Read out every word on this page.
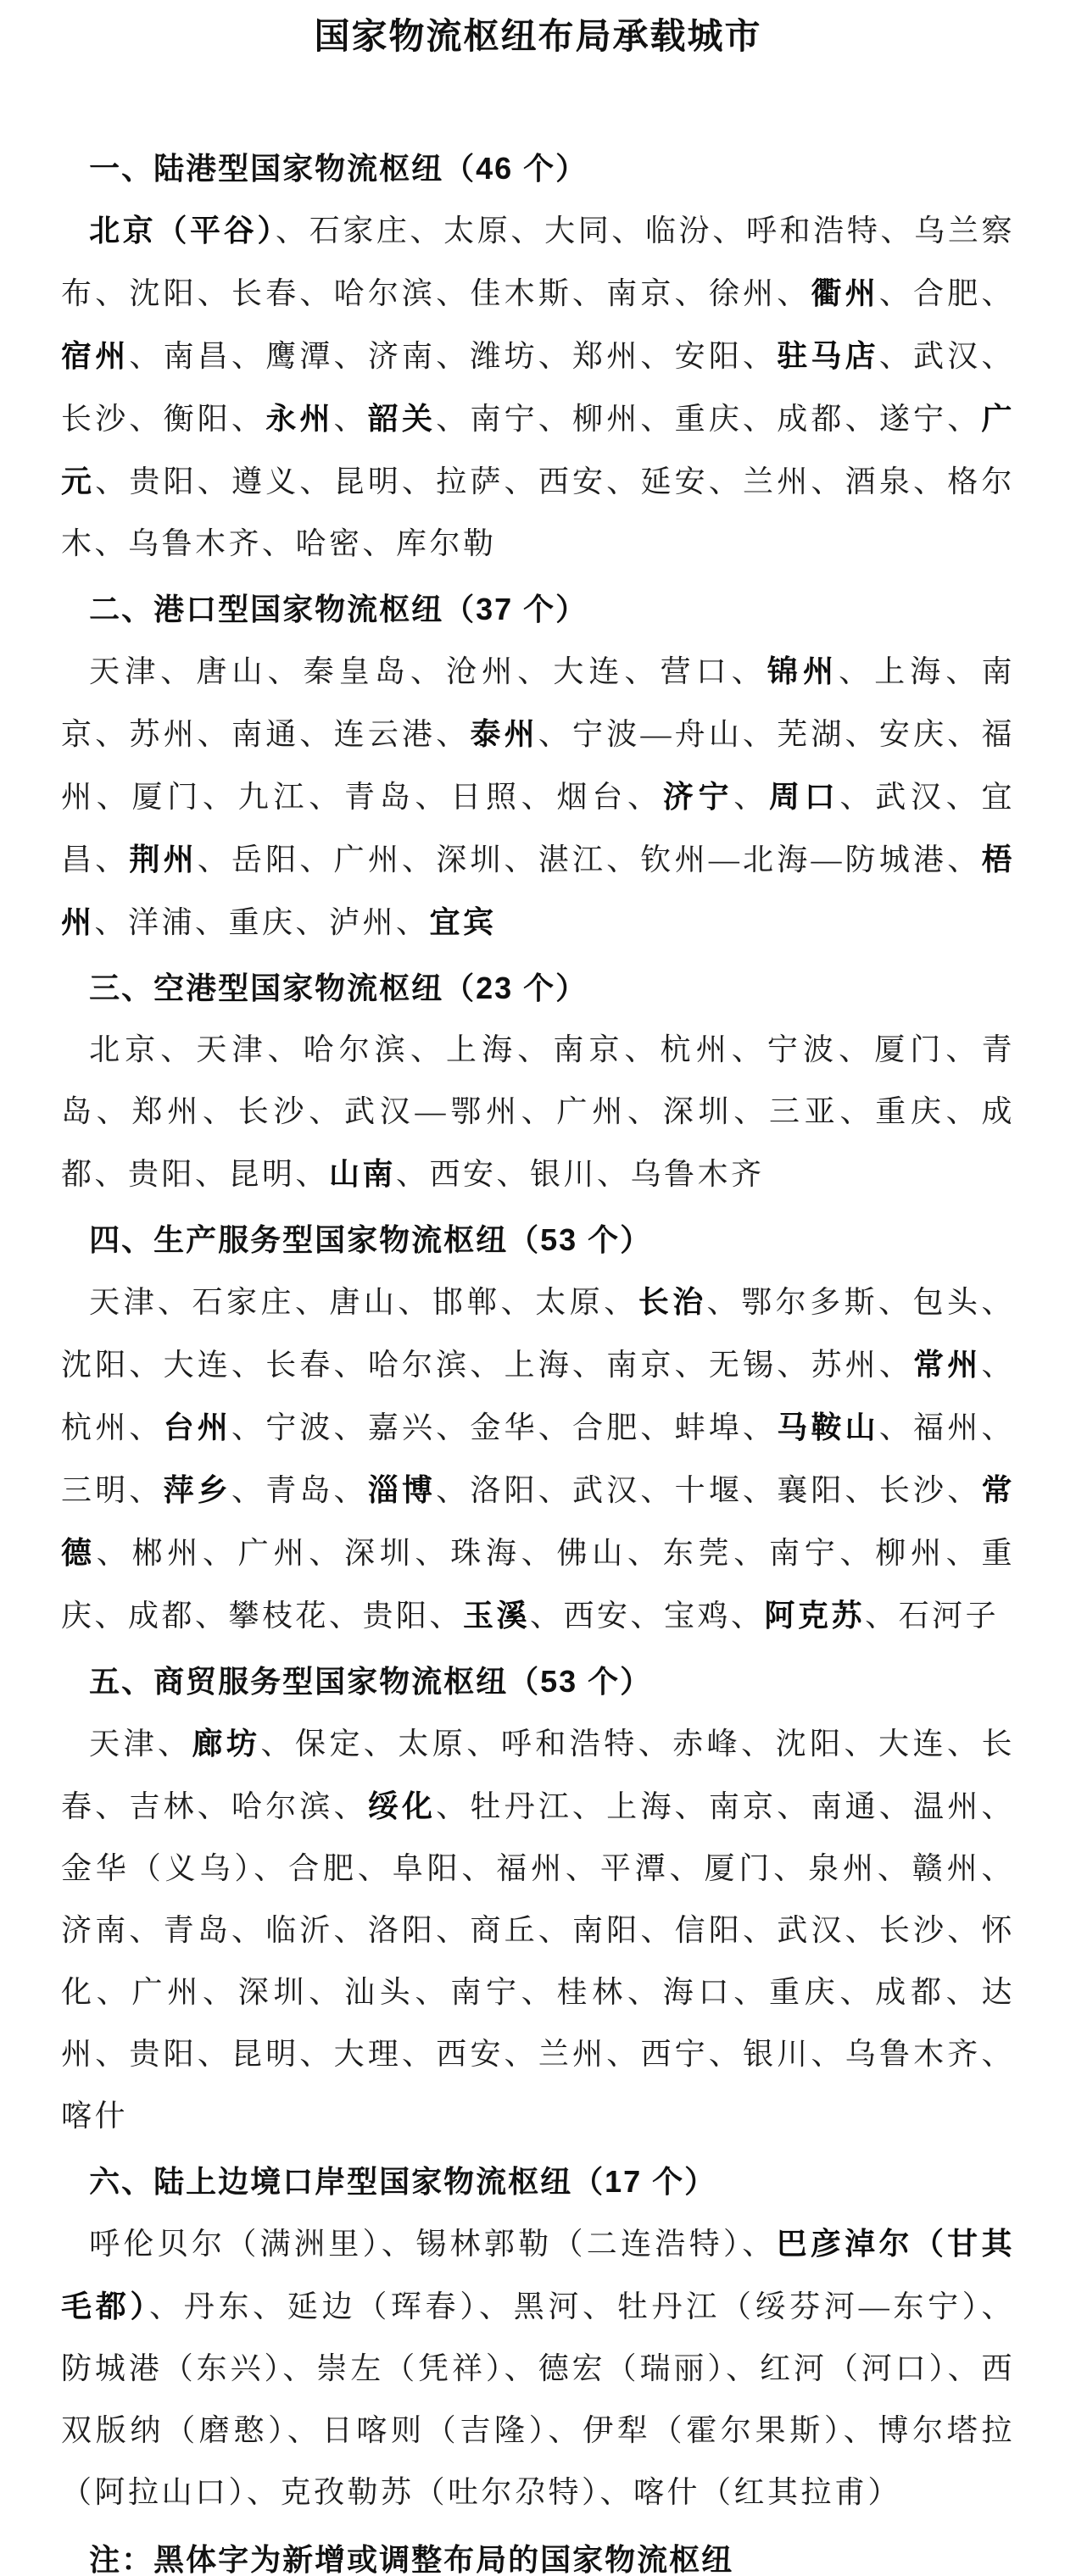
国家物流枢纽布局承载城市
一、陆港型国家物流枢纽（46 个）

北京（平谷）、石家庄、太原、大同、临汾、呼和浩特、乌兰察布、沈阳、长春、哈尔滨、佳木斯、南京、徐州、衢州、合肥、宿州、南昌、鹰潭、济南、潍坊、郑州、安阳、驻马店、武汉、长沙、衡阳、永州、韶关、南宁、柳州、重庆、成都、遂宁、广元、贵阳、遵义、昆明、拉萨、西安、延安、兰州、酒泉、格尔木、乌鲁木齐、哈密、库尔勒

二、港口型国家物流枢纽（37 个）

天津、唐山、秦皇岛、沧州、大连、营口、锦州、上海、南京、苏州、南通、连云港、泰州、宁波—舟山、芜湖、安庆、福州、厦门、九江、青岛、日照、烟台、济宁、周口、武汉、宜昌、荆州、岳阳、广州、深圳、湛江、钦州—北海—防城港、梧州、洋浦、重庆、泸州、宜宾

三、空港型国家物流枢纽（23 个）

北京、天津、哈尔滨、上海、南京、杭州、宁波、厦门、青岛、郑州、长沙、武汉—鄂州、广州、深圳、三亚、重庆、成都、贵阳、昆明、山南、西安、银川、乌鲁木齐

四、生产服务型国家物流枢纽（53 个）

天津、石家庄、唐山、邯郸、太原、长治、鄂尔多斯、包头、沈阳、大连、长春、哈尔滨、上海、南京、无锡、苏州、常州、杭州、台州、宁波、嘉兴、金华、合肥、蚌埠、马鞍山、福州、三明、萍乡、青岛、淄博、洛阳、武汉、十堰、襄阳、长沙、常德、郴州、广州、深圳、珠海、佛山、东莞、南宁、柳州、重庆、成都、攀枝花、贵阳、玉溪、西安、宝鸡、阿克苏、石河子

五、商贸服务型国家物流枢纽（53 个）

天津、廊坊、保定、太原、呼和浩特、赤峰、沈阳、大连、长春、吉林、哈尔滨、绥化、牡丹江、上海、南京、南通、温州、金华（义乌）、合肥、阜阳、福州、平潭、厦门、泉州、赣州、济南、青岛、临沂、洛阳、商丘、南阳、信阳、武汉、长沙、怀化、广州、深圳、汕头、南宁、桂林、海口、重庆、成都、达州、贵阳、昆明、大理、西安、兰州、西宁、银川、乌鲁木齐、喀什

六、陆上边境口岸型国家物流枢纽（17 个）

呼伦贝尔（满洲里）、锡林郭勒（二连浩特）、巴彦淖尔（甘其毛都）、丹东、延边（珲春）、黑河、牡丹江（绥芬河—东宁）、防城港（东兴）、崇左（凭祥）、德宏（瑞丽）、红河（河口）、西双版纳（磨憨）、日喀则（吉隆）、伊犁（霍尔果斯）、博尔塔拉（阿拉山口）、克孜勒苏（吐尔尕特）、喀什（红其拉甫）

注：黑体字为新增或调整布局的国家物流枢纽
